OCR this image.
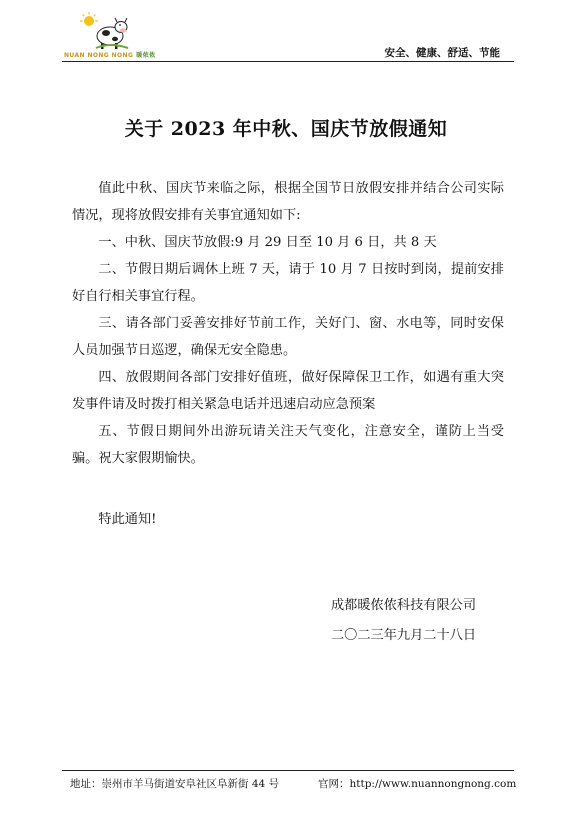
NUAN NONG NONG 暖侬侬	安全、健康、舒适、节能
关于 2023 年中秋、国庆节放假通知

值此中秋、国庆节来临之际，根据全国节日放假安排并结合公司实际情况，现将放假安排有关事宜通知如下:

一、中秋、国庆节放假:9 月 29 日至 10 月 6 日，共 8 天

二、节假日期后调休上班 7 天，请于 10 月 7 日按时到岗，提前安排好自行相关事宜行程。

三、请各部门妥善安排好节前工作，关好门、窗、水电等，同时安保人员加强节日巡逻，确保无安全隐患。

四、放假期间各部门安排好值班，做好保障保卫工作，如遇有重大突发事件请及时拨打相关紧急电话并迅速启动应急预案

五、节假日期间外出游玩请关注天气变化，注意安全，谨防上当受骗。祝大家假期愉快。

特此通知!
成都暖侬侬科技有限公司
二〇二三年九月二十八日
地址：崇州市羊马街道安阜社区阜新街 44 号	官网：http://www.nuannongnong.com
